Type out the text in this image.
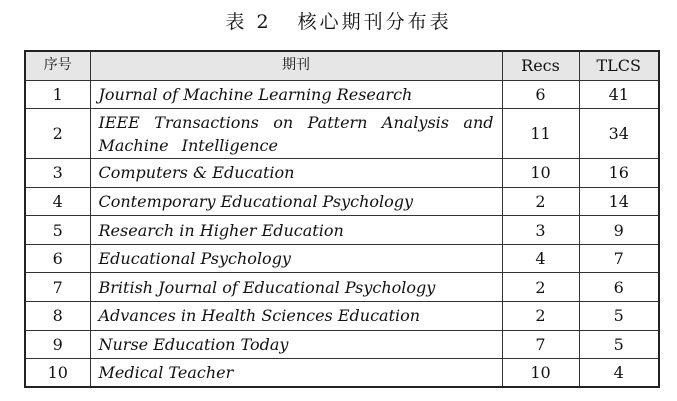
表 2 核心期刊分布表
序号	期刊	Recs	TLCS
1	Journal of Machine Learning Research	6	41
2	IEEE Transactions on Pattern Analysis and Machine Intelligence	11	34
3	Computers & Education	10	16
4	Contemporary Educational Psychology	2	14
5	Research in Higher Education	3	9
6	Educational Psychology	4	7
7	British Journal of Educational Psychology	2	6
8	Advances in Health Sciences Education	2	5
9	Nurse Education Today	7	5
10	Medical Teacher	10	4
